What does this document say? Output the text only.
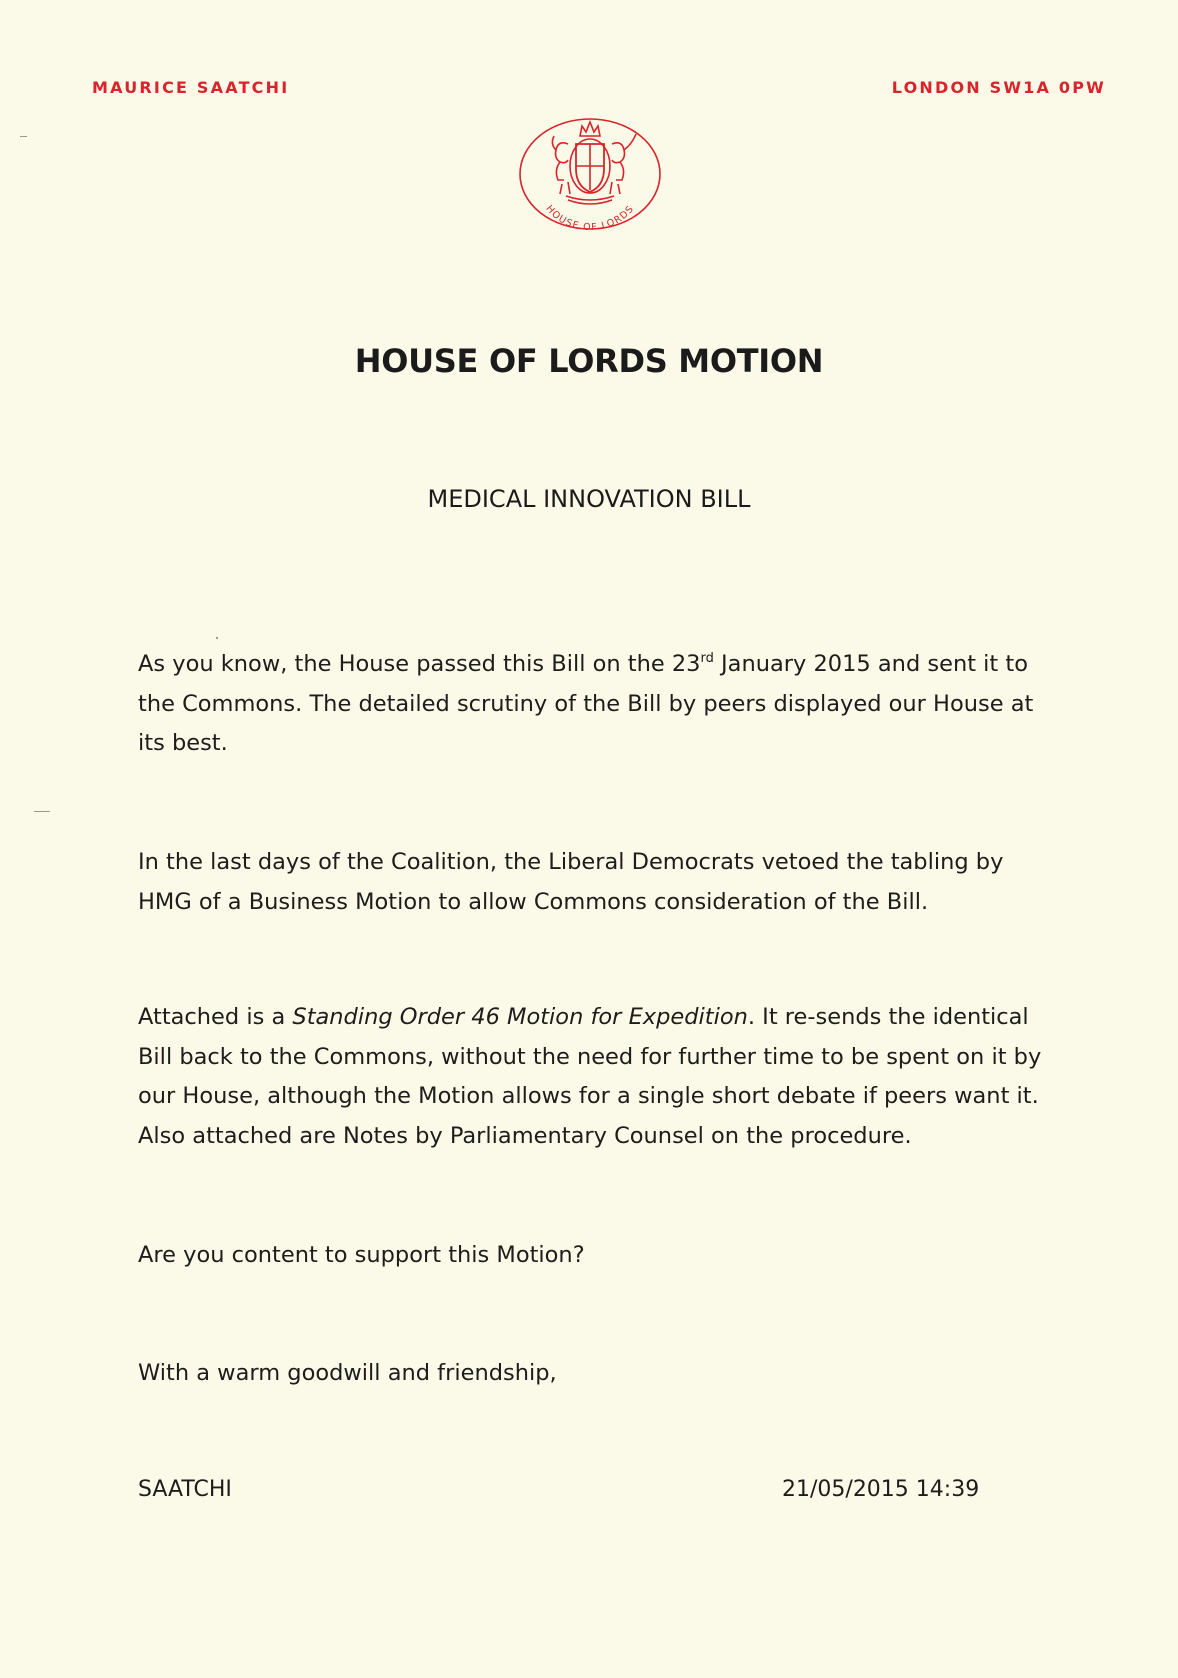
MAURICE SAATCHI	LONDON SW1A 0PW
HOUSE OF LORDS
HOUSE OF LORDS MOTION
MEDICAL INNOVATION BILL
As you know, the House passed this Bill on the 23rd January 2015 and sent it to the Commons. The detailed scrutiny of the Bill by peers displayed our House at its best.
In the last days of the Coalition, the Liberal Democrats vetoed the tabling by HMG of a Business Motion to allow Commons consideration of the Bill.
Attached is a Standing Order 46 Motion for Expedition. It re-sends the identical Bill back to the Commons, without the need for further time to be spent on it by our House, although the Motion allows for a single short debate if peers want it. Also attached are Notes by Parliamentary Counsel on the procedure.
Are you content to support this Motion?
With a warm goodwill and friendship,
SAATCHI	21/05/2015 14:39
